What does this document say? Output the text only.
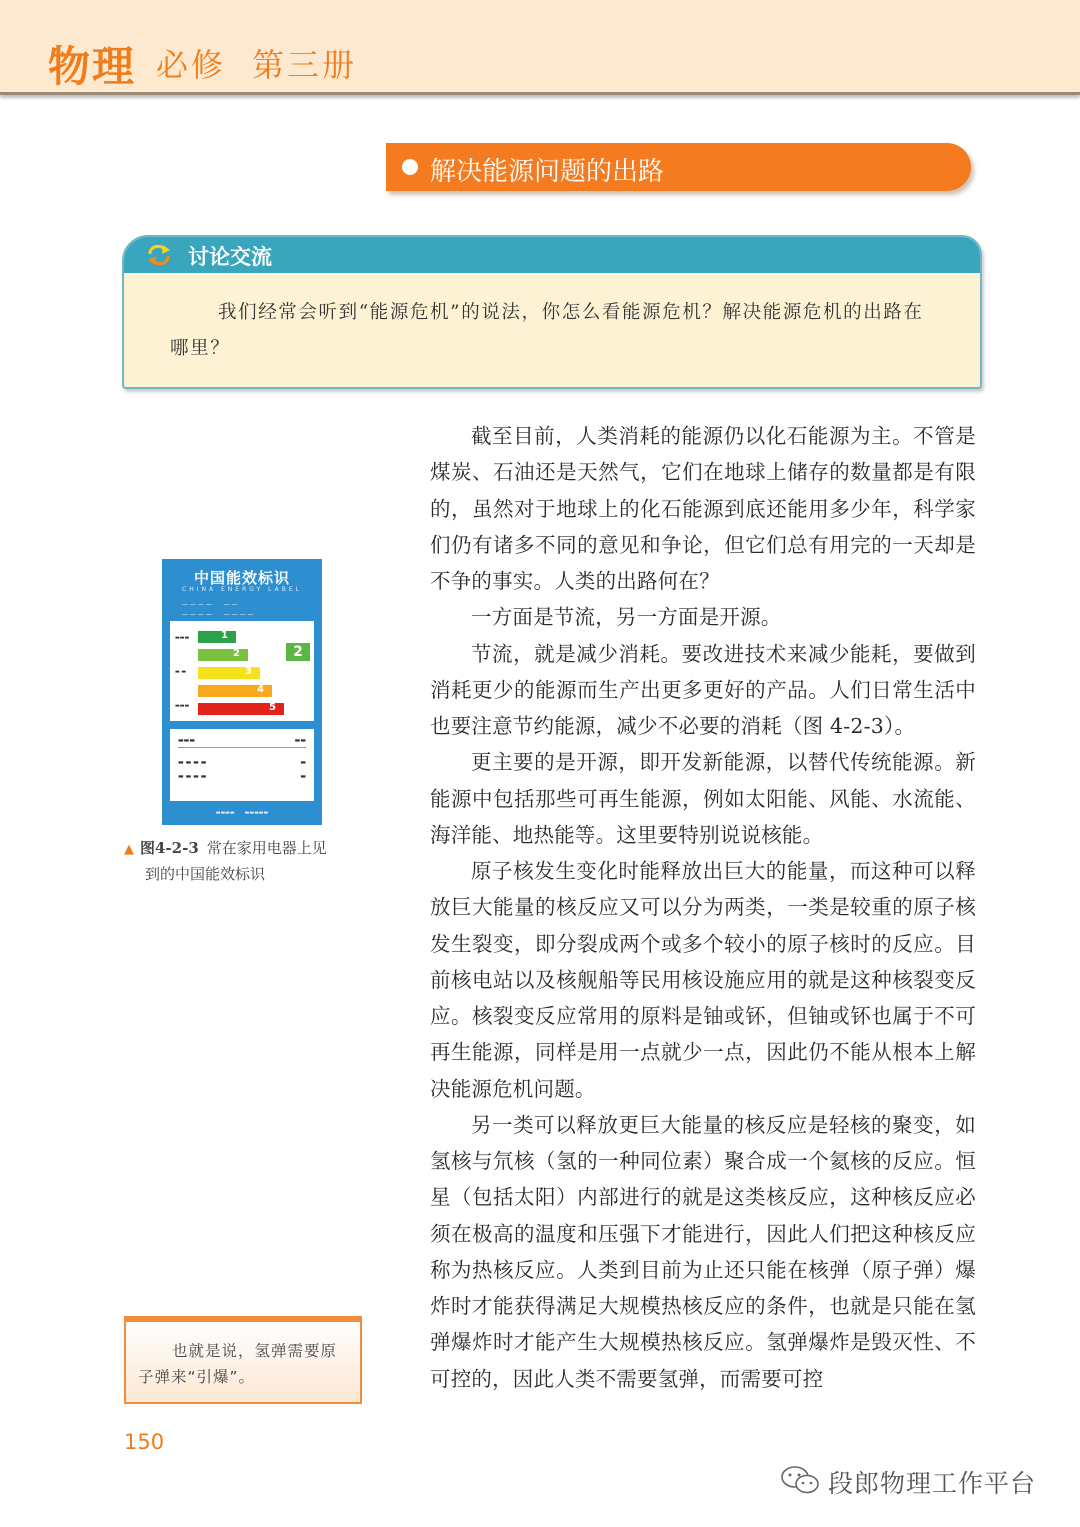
物理 必修 第三册
解决能源问题的出路
讨论交流
我们经常会听到“能源危机”的说法，你怎么看能源危机？解决能源危机的出路在哪里？
中国能效标识
CHINA ENERGY LABEL
— — — —　　— —
— — — —　　— — — —
▬▬▬
▬ ▬
▬▬▬
1
2
3
4
5
2
▬▬▬	▬▬
▬ ▬ ▬ ▬	▬
▬ ▬ ▬ ▬	▬
▬▬▬▬　　▬▬▬▬▬
▲ 图4-2-3 常在家用电器上见
到的中国能效标识

截至目前，人类消耗的能源仍以化石能源为主。不管是煤炭、石油还是天然气，它们在地球上储存的数量都是有限的，虽然对于地球上的化石能源到底还能用多少年，科学家们仍有诸多不同的意见和争论，但它们总有用完的一天却是不争的事实。人类的出路何在？

一方面是节流，另一方面是开源。

节流，就是减少消耗。要改进技术来减少能耗，要做到消耗更少的能源而生产出更多更好的产品。人们日常生活中也要注意节约能源，减少不必要的消耗（图 4-2-3）。

更主要的是开源，即开发新能源，以替代传统能源。新能源中包括那些可再生能源，例如太阳能、风能、水流能、海洋能、地热能等。这里要特别说说核能。

原子核发生变化时能释放出巨大的能量，而这种可以释放巨大能量的核反应又可以分为两类，一类是较重的原子核发生裂变，即分裂成两个或多个较小的原子核时的反应。目前核电站以及核舰船等民用核设施应用的就是这种核裂变反应。核裂变反应常用的原料是铀或钚，但铀或钚也属于不可再生能源，同样是用一点就少一点，因此仍不能从根本上解决能源危机问题。

另一类可以释放更巨大能量的核反应是轻核的聚变，如氢核与氘核（氢的一种同位素）聚合成一个氦核的反应。恒星（包括太阳）内部进行的就是这类核反应，这种核反应必须在极高的温度和压强下才能进行，因此人们把这种核反应称为热核反应。人类到目前为止还只能在核弹（原子弹）爆炸时才能获得满足大规模热核反应的条件，也就是只能在氢弹爆炸时才能产生大规模热核反应。氢弹爆炸是毁灭性、不可控的，因此人类不需要氢弹，而需要可控

也就是说，氢弹需要原子弹来“引爆”。
150
段郎物理工作平台
